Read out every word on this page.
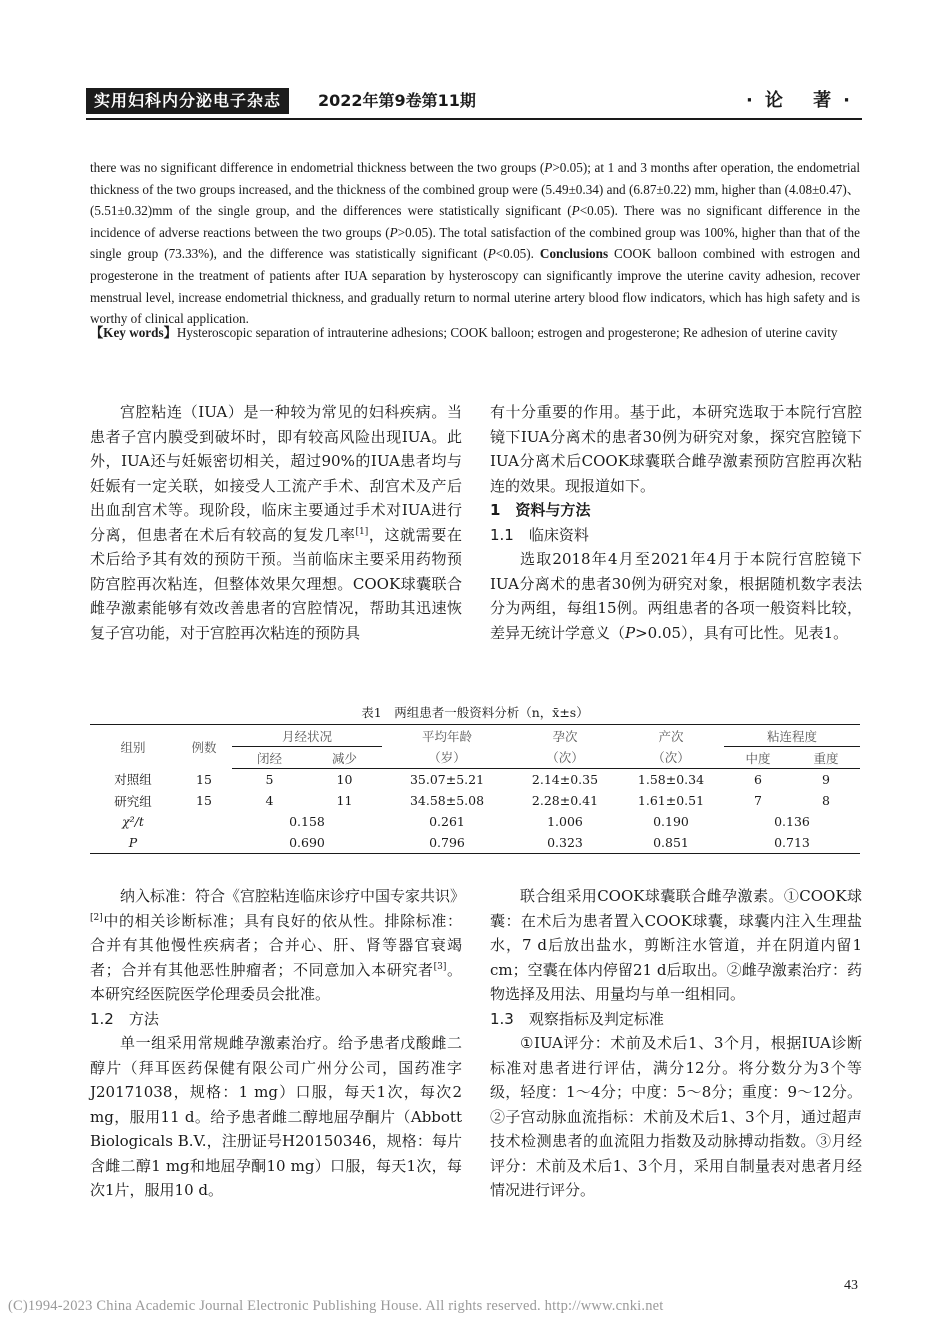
实用妇科内分泌电子杂志	2022年第9卷第11期	·论 著·
there was no significant difference in endometrial thickness between the two groups (P>0.05); at 1 and 3 months after operation, the endometrial thickness of the two groups increased, and the thickness of the combined group were (5.49±0.34) and (6.87±0.22) mm, higher than (4.08±0.47)、(5.51±0.32)mm of the single group, and the differences were statistically significant (P<0.05). There was no significant difference in the incidence of adverse reactions between the two groups (P>0.05). The total satisfaction of the combined group was 100%, higher than that of the single group (73.33%), and the difference was statistically significant (P<0.05). Conclusions COOK balloon combined with estrogen and progesterone in the treatment of patients after IUA separation by hysteroscopy can significantly improve the uterine cavity adhesion, recover menstrual level, increase endometrial thickness, and gradually return to normal uterine artery blood flow indicators, which has high safety and is worthy of clinical application.
【Key words】Hysteroscopic separation of intrauterine adhesions; COOK balloon; estrogen and progesterone; Re adhesion of uterine cavity

宫腔粘连（IUA）是一种较为常见的妇科疾病。当患者子宫内膜受到破坏时，即有较高风险出现IUA。此外，IUA还与妊娠密切相关，超过90%的IUA患者均与妊娠有一定关联，如接受人工流产手术、刮宫术及产后出血刮宫术等。现阶段，临床主要通过手术对IUA进行分离，但患者在术后有较高的复发几率[1]，这就需要在术后给予其有效的预防干预。当前临床主要采用药物预防宫腔再次粘连，但整体效果欠理想。COOK球囊联合雌孕激素能够有效改善患者的宫腔情况，帮助其迅速恢复子宫功能，对于宫腔再次粘连的预防具

有十分重要的作用。基于此，本研究选取于本院行宫腔镜下IUA分离术的患者30例为研究对象，探究宫腔镜下IUA分离术后COOK球囊联合雌孕激素预防宫腔再次粘连的效果。现报道如下。

1　资料与方法
1.1　临床资料

选取2018年4月至2021年4月于本院行宫腔镜下IUA分离术的患者30例为研究对象，根据随机数字表法分为两组，每组15例。两组患者的各项一般资料比较，差异无统计学意义（P>0.05），具有可比性。见表1。

表1　两组患者一般资料分析（n，x̄±s）
组别	例数	月经状况		平均年龄	孕次	产次	粘连程度	
		闭经	减少	（岁）	（次）	（次）	中度	重度
对照组	15	5	10	35.07±5.21	2.14±0.35	1.58±0.34	6	9
研究组	15	4	11	34.58±5.08	2.28±0.41	1.61±0.51	7	8
χ²/t		0.158		0.261	1.006	0.190	0.136	
P		0.690		0.796	0.323	0.851	0.713	

纳入标准：符合《宫腔粘连临床诊疗中国专家共识》[2]中的相关诊断标准；具有良好的依从性。排除标准：合并有其他慢性疾病者；合并心、肝、肾等器官衰竭者；合并有其他恶性肿瘤者；不同意加入本研究者[3]。本研究经医院医学伦理委员会批准。

1.2　方法

单一组采用常规雌孕激素治疗。给予患者戊酸雌二醇片（拜耳医药保健有限公司广州分公司，国药准字J20171038，规格：1 mg）口服，每天1次，每次2 mg，服用11 d。给予患者雌二醇地屈孕酮片（Abbott Biologicals B.V.，注册证号H20150346，规格：每片含雌二醇1 mg和地屈孕酮10 mg）口服，每天1次，每次1片，服用10 d。

联合组采用COOK球囊联合雌孕激素。①COOK球囊：在术后为患者置入COOK球囊，球囊内注入生理盐水，7 d后放出盐水，剪断注水管道，并在阴道内留1 cm；空囊在体内停留21 d后取出。②雌孕激素治疗：药物选择及用法、用量均与单一组相同。

1.3　观察指标及判定标准

①IUA评分：术前及术后1、3个月，根据IUA诊断标准对患者进行评估，满分12分。将分数分为3个等级，轻度：1～4分；中度：5～8分；重度：9～12分。②子宫动脉血流指标：术前及术后1、3个月，通过超声技术检测患者的血流阻力指数及动脉搏动指数。③月经评分：术前及术后1、3个月，采用自制量表对患者月经情况进行评分。

43
(C)1994-2023 China Academic Journal Electronic Publishing House. All rights reserved. http://www.cnki.net
